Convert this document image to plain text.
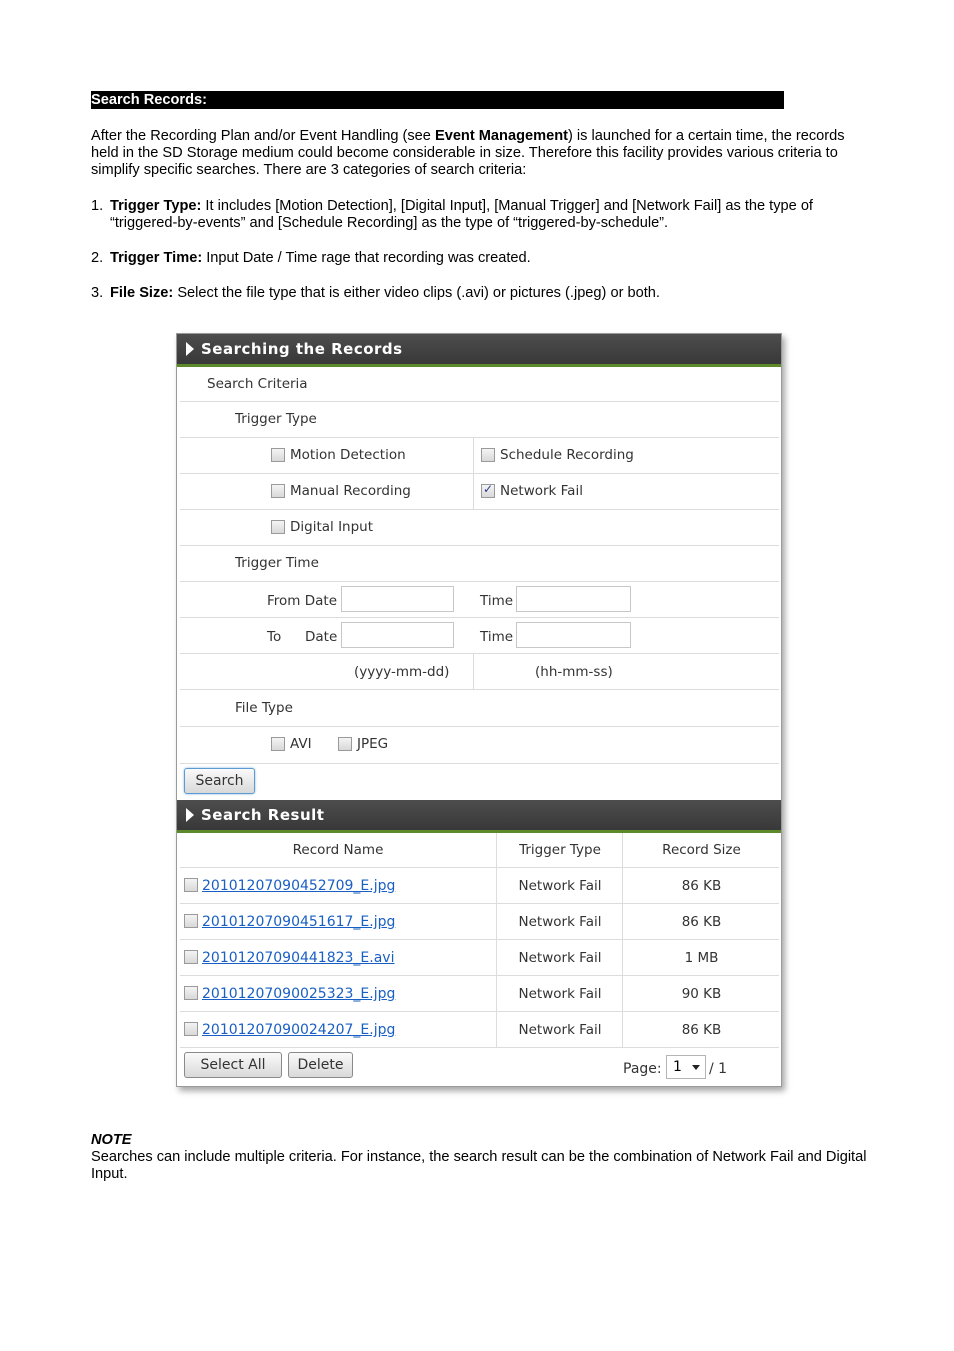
Search Records:
After the Recording Plan and/or Event Handling (see Event Management) is launched for a certain time, the records held in the SD Storage medium could become considerable in size. Therefore this facility provides various criteria to simplify specific searches. There are 3 categories of search criteria:
1. Trigger Type: It includes [Motion Detection], [Digital Input], [Manual Trigger] and [Network Fail] as the type of “triggered-by-events” and [Schedule Recording] as the type of “triggered-by-schedule”.
2. Trigger Time: Input Date / Time rage that recording was created.
3. File Size: Select the file type that is either video clips (.avi) or pictures (.jpeg) or both.
Searching the Records
Search Criteria
Trigger Type
Motion Detection	Schedule Recording
Manual Recording
✓	Network Fail
Digital Input
Trigger Time
From Date	Time
To Date	Time
(yyyy-mm-dd)	(hh-mm-ss)
File Type
AVI	JPEG
Search
Search Result
Record Name	Trigger Type	Record Size
20101207090452709_E.jpg	Network Fail	86 KB
20101207090451617_E.jpg	Network Fail	86 KB
20101207090441823_E.avi	Network Fail	1 MB
20101207090025323_E.jpg	Network Fail	90 KB
20101207090024207_E.jpg	Network Fail	86 KB
Select All	Delete	Page: 1 / 1
NOTE
Searches can include multiple criteria. For instance, the search result can be the combination of Network Fail and Digital Input.
